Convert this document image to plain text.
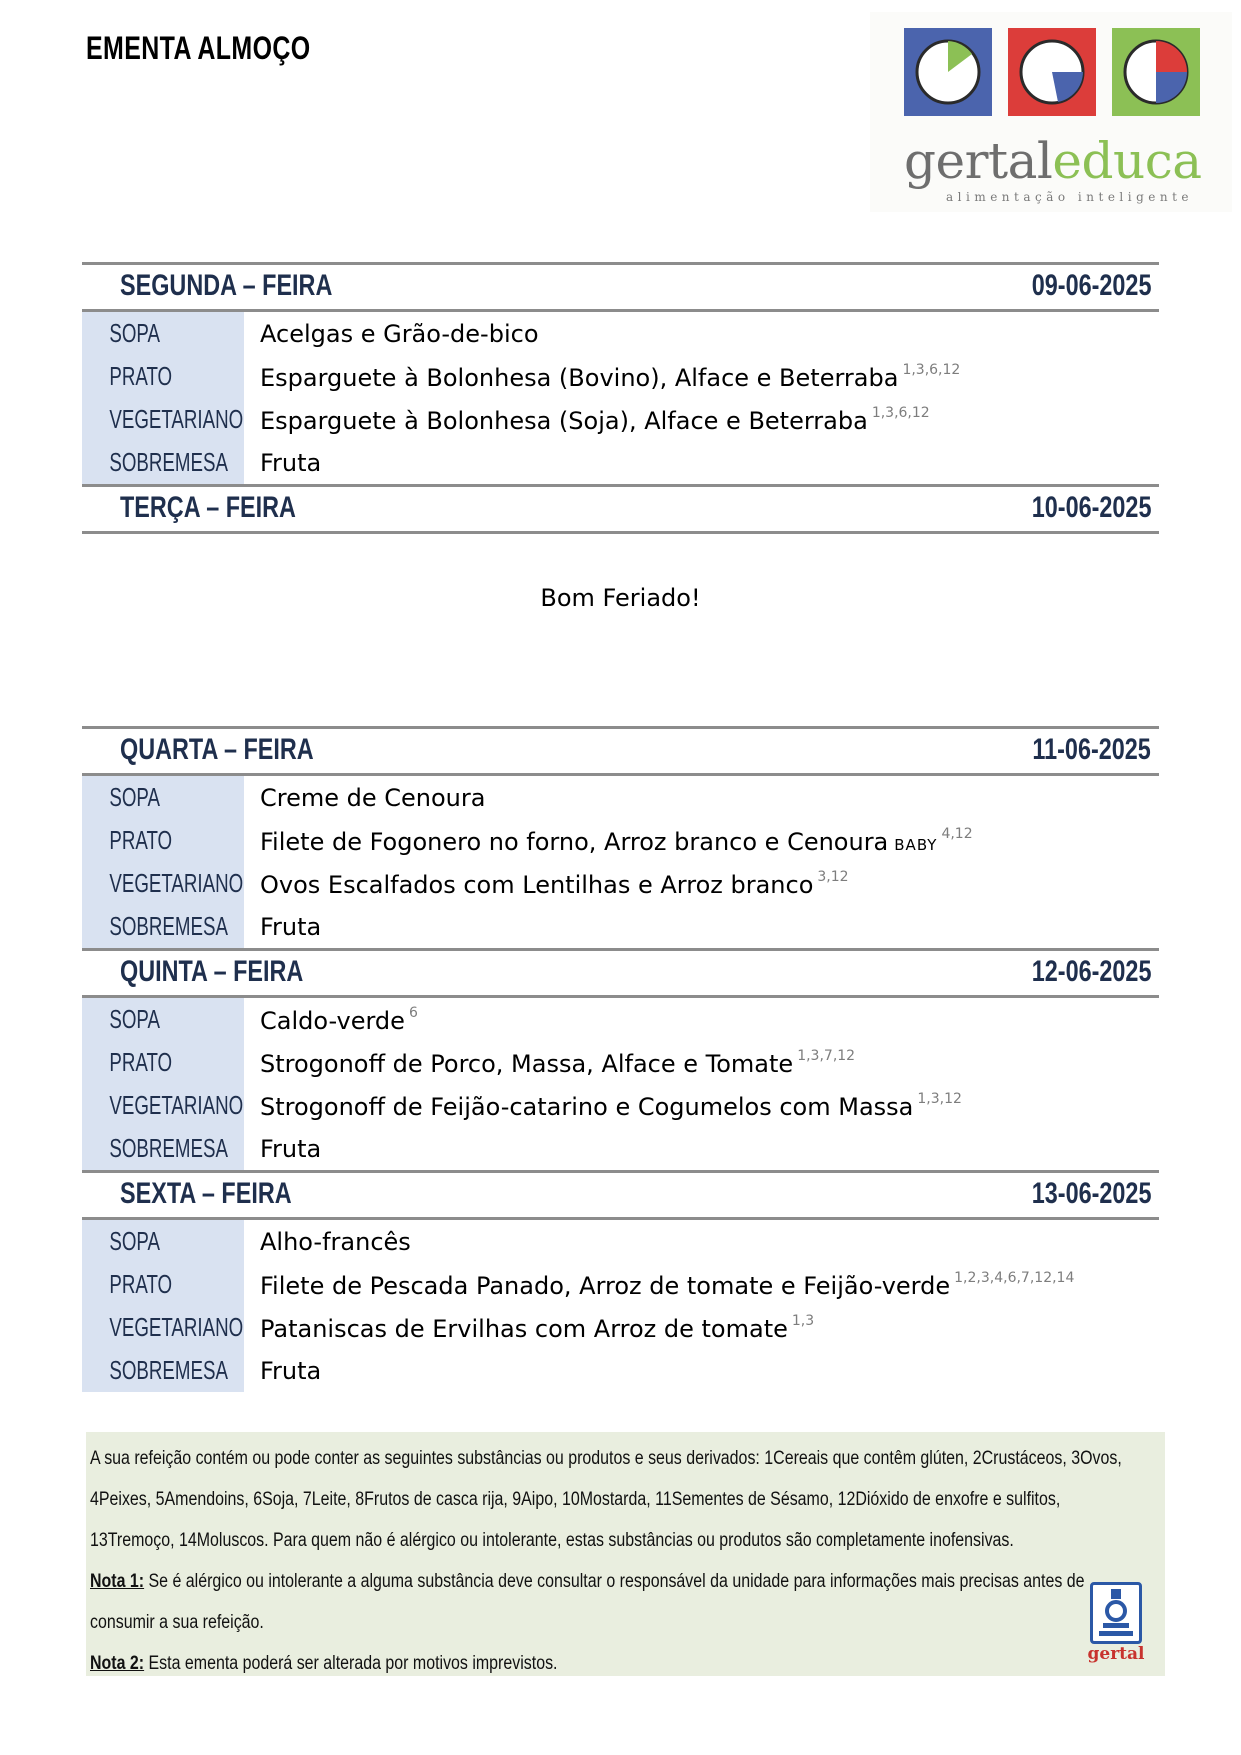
EMENTA ALMOÇO
gertaleduca
alimentação inteligente
SEGUNDA – FEIRA	09-06-2025
SOPA	Acelgas e Grão-de-bico
PRATO	Esparguete à Bolonhesa (Bovino), Alface e Beterraba $^{1,3,6,12}$
VEGETARIANO Esparguete à Bolonhesa (Soja), Alface e Beterraba $^{1,3,6,12}$
SOBREMESA	Fruta
TERÇA – FEIRA	10-06-2025
Bom Feriado!
QUARTA – FEIRA	11-06-2025
SOPA	Creme de Cenoura
PRATO	Filete de Fogonero no forno, Arroz branco e Cenoura BABY$^{4,12}$
VEGETARIANO Ovos Escalfados com Lentilhas e Arroz branco $^{3,12}$
SOBREMESA	Fruta
QUINTA – FEIRA	12-06-2025
SOPA	Caldo-verde $^6$
PRATO	Strogonoff de Porco, Massa, Alface e Tomate $^{1,3,7,12}$
VEGETARIANO Strogonoff de Feijão-catarino e Cogumelos com Massa $^{1,3,12}$
SOBREMESA	Fruta
SEXTA – FEIRA	13-06-2025
SOPA	Alho-francês
PRATO	Filete de Pescada Panado, Arroz de tomate e Feijão-verde $^{1,2,3,4,6,7,12,14}$
VEGETARIANO Pataniscas de Ervilhas com Arroz de tomate $^{1,3}$
SOBREMESA	Fruta
A sua refeição contém ou pode conter as seguintes substâncias ou produtos e seus derivados: 1Cereais que contêm glúten, 2Crustáceos, 3Ovos, 4Peixes, 5Amendoins, 6Soja, 7Leite, 8Frutos de casca rija, 9Aipo, 10Mostarda, 11Sementes de Sésamo, 12Dióxido de enxofre e sulfitos, 13Tremoço, 14Moluscos. Para quem não é alérgico ou intolerante, estas substâncias ou produtos são completamente inofensivas.
Nota 1: Se é alérgico ou intolerante a alguma substância deve consultar o responsável da unidade para informações mais precisas antes de consumir a sua refeição.
Nota 2: Esta ementa poderá ser alterada por motivos imprevistos.	gertal
